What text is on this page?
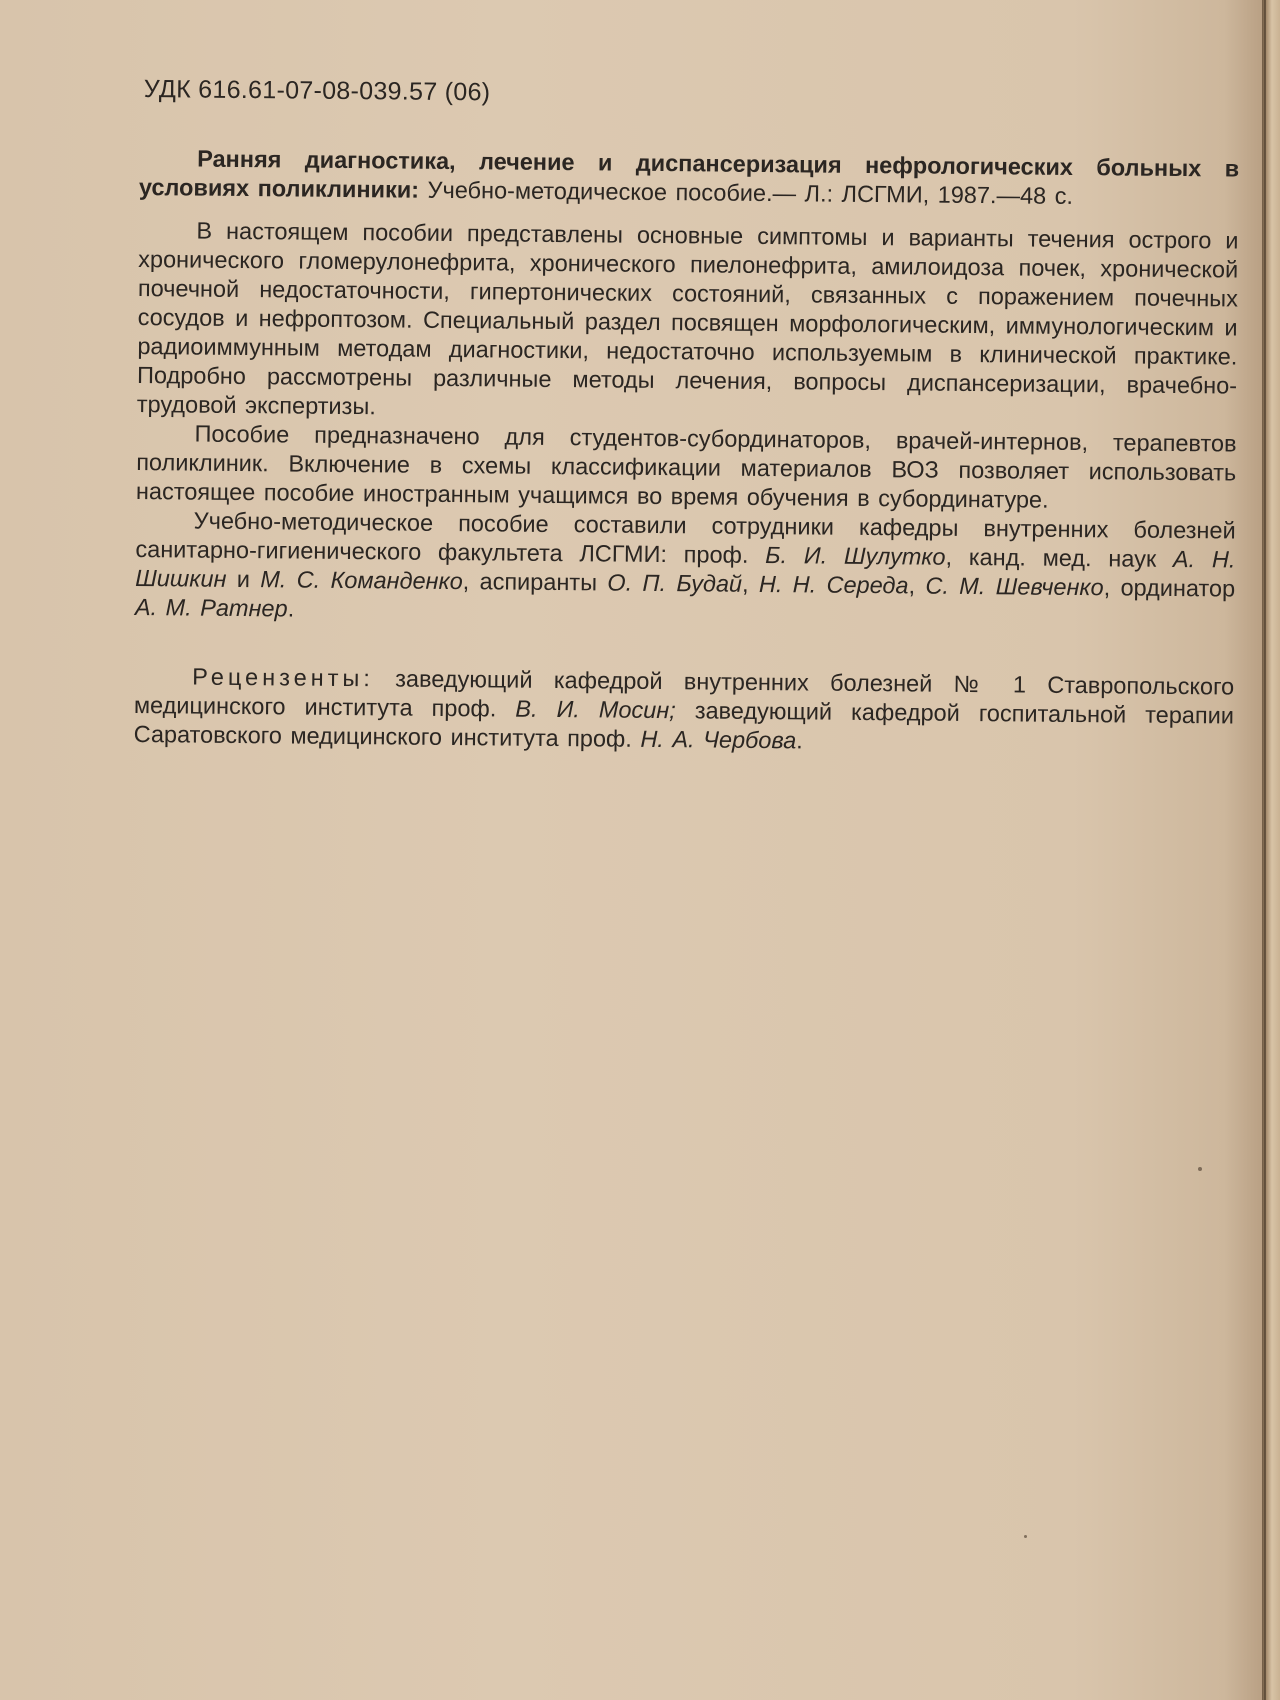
УДК 616.61-07-08-039.57 (06)

Ранняя диагностика, лечение и диспансеризация нефрологических больных в условиях поликлиники: Учебно-методическое пособие.— Л.: ЛСГМИ, 1987.—48 с.

В настоящем пособии представлены основные симптомы и варианты течения острого и хронического гломерулонефрита, хронического пиелонефрита, амилоидоза почек, хронической почечной недостаточности, гипертонических состояний, связанных с поражением почечных сосудов и нефроптозом. Специальный раздел посвящен морфологическим, иммунологическим и радиоиммунным методам диагностики, недостаточно используемым в клинической практике. Подробно рассмотрены различные методы лечения, вопросы диспансеризации, врачебно-трудовой экспертизы.

Пособие предназначено для студентов-субординаторов, врачей-интернов, терапевтов поликлиник. Включение в схемы классификации материалов ВОЗ позволяет использовать настоящее пособие иностранным учащимся во время обучения в субординатуре.

Учебно-методическое пособие составили сотрудники кафедры внутренних болезней санитарно-гигиенического факультета ЛСГМИ: проф. Б. И. Шулутко, канд. мед. наук А. Н. Шишкин и М. С. Команденко, аспиранты О. П. Будай, Н. Н. Середа, С. М. Шевченко, ординатор А. М. Ратнер.

Рецензенты: заведующий кафедрой внутренних болезней № 1 Ставропольского медицинского института проф. В. И. Мосин; заведующий кафедрой госпитальной терапии Саратовского медицинского института проф. Н. А. Чербова.
